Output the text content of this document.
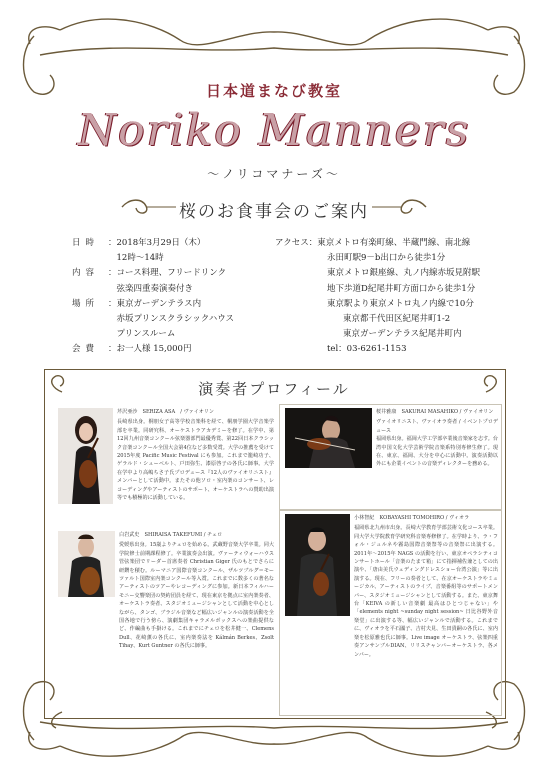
日本道まなび教室
Noriko Manners
〜ノリコマナーズ〜
桜のお食事会のご案内
日時	： 2018年3月29日（木）
12時〜14時
内容	： コース料理、フリードリンク
弦楽四重奏演奏付き
場所	： 東京ガーデンテラス内
赤坂プリンスクラシックハウス
プリンスルーム
会費	： お一人様 15,000円
アクセス： 東京メトロ有楽町線、半蔵門線、南北線
永田町駅9－b出口から徒歩1分
東京メトロ銀座線、丸ノ内線赤坂見附駅
地下歩道D紀尾井町方面口から徒歩1分
東京駅より東京メトロ丸ノ内線で10分
東京都千代田区紀尾井町1-2
東京ガーデンテラス紀尾井町内
tel：03-6261-1153
演奏者プロフィール
芹沢亜沙　SERIZA ASA　/ ヴァイオリン
長崎県出身。桐朋女子高等学校音楽科を経て、桐朋学園大学音楽学部を卒業。同研究科、オーケストラアカデミーを修了。在学中、第12回九州音楽コンクール弦楽器部門最優秀賞、第22回日本クラシック音楽コンクール全国大会第4位など多数受賞。大学の推薦を受けて2015年度 Pacific Music Festival にも参加。これまで籠崎功子、ゲラルド・シューベルト、戸田弥生、漆原啓子の各氏に師事。大学在学中より高嶋ちさ子氏プロデュース『12人のヴァイオリニスト』メンバーとして活動中。またその他ソロ・室内楽のコンサート、レコーディングやアーティストのサポート、オーケストラへの賛助出演等でも積極的に活動している。
桜井雅康　SAKURAI MASAHIKO / ヴァイオリン
ヴァイオリニスト、ヴァイオラ奏者 / イベントプロデュース
福岡県出身。福岡大学工学部卒業後音楽家を志す。台湾中国文化大学芸術学院音楽系特別専修生修了。現在、東京、福岡、大分を中心に活動中。演奏活動以外にも企業イベントの音楽ディレクターを務める。
白岩武史　SHIRAISA TAKEFUMI / チェロ
愛媛県出身。15歳よりチェロを始める。武蔵野音楽大学卒業。同大学院修士前期課程修了。卒業演奏会出演。ヴァーティウォーハウス管弦楽団でリーダー首席奏者 Christian Giger 氏のもとでさらに研鑽を積む。ルーマニア国際音楽コンクール、ザルツブルグ＝モーツァルト国際室内楽コンクール等入賞。これまでに数多くの著名なアーティストのツアーやレコーディングに参加。新日本フィルハーモニー交響楽団の契約団員を経て、現在東京を拠点に室内楽奏者、オーケストラ奏者、スタジオミュージシャンとして活動を中心としながら、タンゴ、ブラジル音楽など幅広いジャンルの演奏活動を全国各地で行う傍ら、演劇集団キャラメルボックスへの楽曲提供など、作編曲も手掛ける。これまでにチェロを松井健一、Clemens Dull、花崎薫の各氏に、室内楽奏法を Kálmán Berkes、Zsolt Tihay、Kurt Guntner の各氏に師事。
小林智紀　KOBAYASHI TOMOHIRO / ヴィオラ
福岡県北九州市出身。長崎大学教育学部芸術文化コース卒業。同大学大学院教育学研究科音楽専修修了。在学時より、ラ・フォル・ジュルネや霧島国際音楽祭等の音楽祭に出演する。2011年〜2015年 NAGS の活動を行い、東京オペラシティコンサートホール「音楽のたまて箱」にて指揮補佐兼としての出演や、「唐由美氏ウェディングドレスショー台湾公演」等に出演する。現在、フリーの奏者として、在京オーケストラやミュージカル、アーティストのライブ、音楽番組等のサポートメンバー、スタジオミュージシャンとして活動する。また、東京舞台「KEIVA の新しい音楽劇 最高はひとつじゃない」や「elements night ~sunday night session~ 日比谷野外音楽堂」に出演する等、幅広いジャンルで活動する。これまでに、ヴィオラを平石國子、吉村夫見、生田貴嗣の各氏に、室内楽を松原雅也氏に師事。Live image オーケストラ、弦楽四重奏アンサンブルDIAN、リリスチャンバーオーケストラ、各メンバー。
